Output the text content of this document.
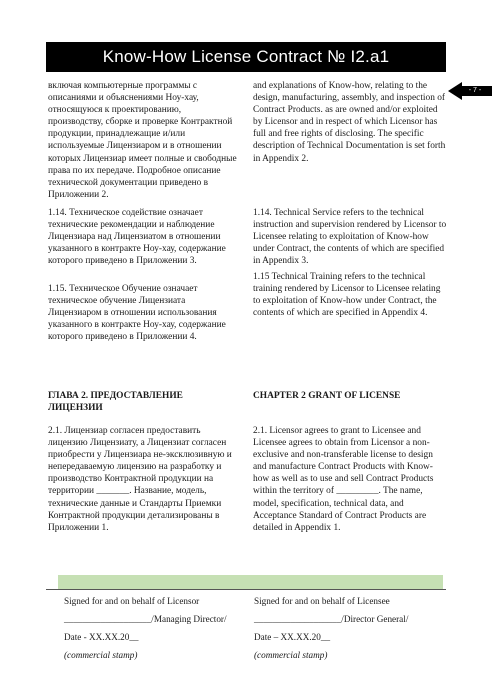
Know-How License Contract № I2.a1
- 7 -

включая компьютерные программы с описаниями и объяснениями Ноу-хау, относящуюся к проектированию, производству, сборке и проверке Контрактной продукции, принадлежащие и/или используемые Лицензиаром и в отношении которых Лицензиар имеет полные и свободные права по их передаче. Подробное описание технической документации приведено в Приложении 2.

1.14. Техническое содействие означает технические рекомендации и наблюдение Лицензиара над Лицензиатом в отношении указанного в контракте Ноу-хау, содержание которого приведено в Приложении 3.

1.15. Техническое Обучение означает техническое обучение Лицензиата Лицензиаром в отношении использования указанного в контракте Ноу-хау, содержание которого приведено в Приложении 4.

ГЛАВА 2. ПРЕДОСТАВЛЕНИЕ ЛИЦЕНЗИИ

2.1. Лицензиар согласен предоставить лицензию Лицензиату, а Лицензиат согласен приобрести у Лицензиара не-эксклюзивную и непередаваемую лицензию на разработку и производство Контрактной продукции на территории _______. Название, модель, технические данные и Стандарты Приемки Контрактной продукции детализированы в Приложении 1.

and explanations of Know-how, relating to the design, manufacturing, assembly, and inspection of Contract Products. as are owned and/or exploited by Licensor and in respect of which Licensor has full and free rights of disclosing. The specific description of Technical Documentation is set forth in Appendix 2.

1.14. Technical Service refers to the technical instruction and supervision rendered by Licensor to Licensee relating to exploitation of Know-how under Contract, the contents of which are specified in Appendix 3.

1.15 Technical Training refers to the technical training rendered by Licensor to Licensee relating to exploitation of Know-how under Contract, the contents of which are specified in Appendix 4.

CHAPTER 2 GRANT OF LICENSE

2.1. Licensor agrees to grant to Licensee and Licensee agrees to obtain from Licensor a non-exclusive and non-transferable license to design and manufacture Contract Products with Know-how as well as to use and sell Contract Products within the territory of _________. The name, model, specification, technical data, and Acceptance Standard of Contract Products are detailed in Appendix 1.

Signed for and on behalf of Licensor
___________________/Managing Director/
Date - XX.XX.20__
(commercial stamp)
Signed for and on behalf of Licensee
___________________/Director General/
Date – XX.XX.20__
(commercial stamp)
